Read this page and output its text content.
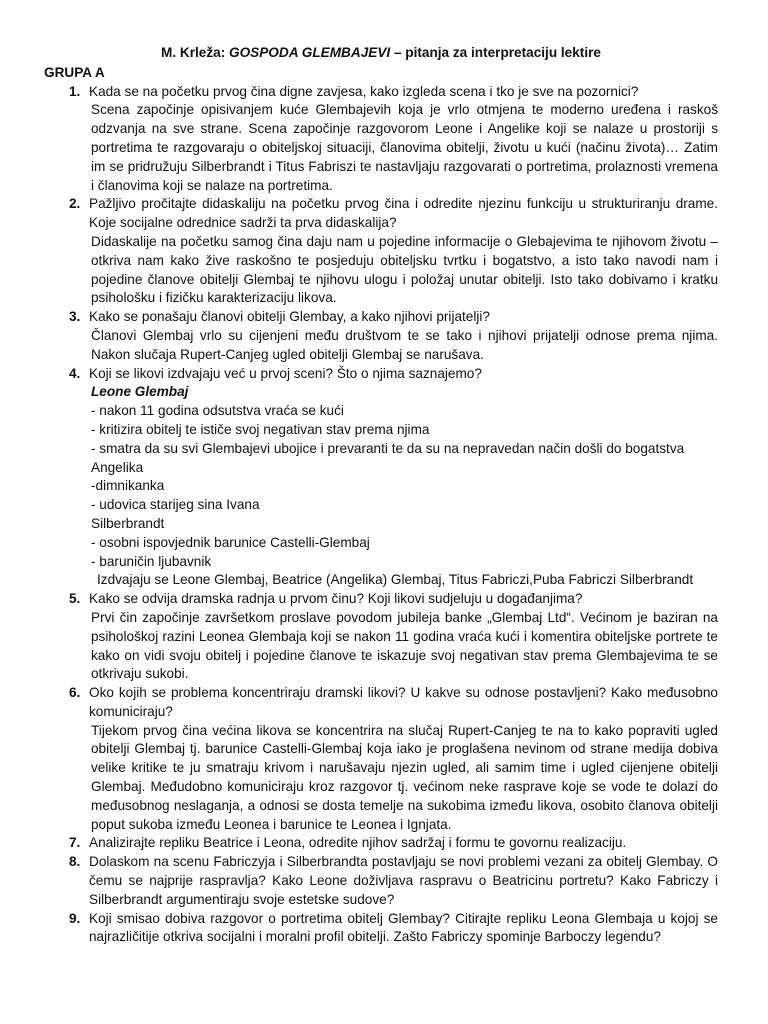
M. Krleža: GOSPODA GLEMBAJEVI – pitanja za interpretaciju lektire
GRUPA A
1. Kada se na početku prvog čina digne zavjesa, kako izgleda scena i tko je sve na pozornici?
Scena započinje opisivanjem kuće Glembajevih koja je vrlo otmjena te moderno uređena i raskoš odzvanja na sve strane. Scena započinje razgovorom Leone i Angelike koji se nalaze u prostoriji s portretima te razgovaraju o obiteljskoj situaciji, članovima obitelji, životu u kući (načinu života)… Zatim im se pridružuju Silberbrandt i Titus Fabriszi te nastavljaju razgovarati o portretima, prolaznosti vremena i članovima koji se nalaze na portretima.
2. Pažljivo pročitajte didaskaliju na početku prvog čina i odredite njezinu funkciju u strukturiranju drame. Koje socijalne odrednice sadrži ta prva didaskalija?
Didaskalije na početku samog čina daju nam u pojedine informacije o Glebajevima te njihovom životu – otkriva nam kako žive raskošno te posjeduju obiteljsku tvrtku i bogatstvo, a isto tako navodi nam i pojedine članove obitelji Glembaj te njihovu ulogu i položaj unutar obitelji. Isto tako dobivamo i kratku psihološku i fizičku karakterizaciju likova.
3. Kako se ponašaju članovi obitelji Glembay, a kako njihovi prijatelji?
Članovi Glembaj vrlo su cijenjeni među društvom te se tako i njihovi prijatelji odnose prema njima. Nakon slučaja Rupert-Canjeg ugled obitelji Glembaj se narušava.
4. Koji se likovi izdvajaju već u prvoj sceni? Što o njima saznajemo?
Leone Glembaj
- nakon 11 godina odsutstva vraća se kući
- kritizira obitelj te ističe svoj negativan stav prema njima
- smatra da su svi Glembajevi ubojice i prevaranti te da su na nepravedan način došli do bogatstva
Angelika
-dimnikanka
- udovica starijeg sina Ivana
Silberbrandt
- osobni ispovjednik barunice Castelli-Glembaj
- baruničin ljubavnik
Izdvajaju se Leone Glembaj, Beatrice (Angelika) Glembaj, Titus Fabriczi,Puba Fabriczi Silberbrandt
5. Kako se odvija dramska radnja u prvom činu? Koji likovi sudjeluju u događanjima?
Prvi čin započinje završetkom proslave povodom jubileja banke „Glembaj Ltd“. Većinom je baziran na psihološkoj razini Leonea Glembaja koji se nakon 11 godina vraća kući i komentira obiteljske portrete te kako on vidi svoju obitelj i pojedine članove te iskazuje svoj negativan stav prema Glembajevima te se otkrivaju sukobi.
6. Oko kojih se problema koncentriraju dramski likovi? U kakve su odnose postavljeni? Kako međusobno komuniciraju?
Tijekom prvog čina većina likova se koncentrira na slučaj Rupert-Canjeg te na to kako popraviti ugled obitelji Glembaj tj. barunice Castelli-Glembaj koja iako je proglašena nevinom od strane medija dobiva velike kritike te ju smatraju krivom i narušavaju njezin ugled, ali samim time i ugled cijenjene obitelji Glembaj. Međudobno komuniciraju kroz razgovor tj. većinom neke rasprave koje se vode te dolazi do međusobnog neslaganja, a odnosi se dosta temelje na sukobima između likova, osobito članova obitelji poput sukoba između Leonea i barunice te Leonea i Ignjata.
7. Analizirajte repliku Beatrice i Leona, odredite njihov sadržaj i formu te govornu realizaciju.
8. Dolaskom na scenu Fabriczyja i Silberbrandta postavljaju se novi problemi vezani za obitelj Glembay. O čemu se najprije raspravlja? Kako Leone doživljava raspravu o Beatricinu portretu? Kako Fabriczy i Silberbrandt argumentiraju svoje estetske sudove?
9. Koji smisao dobiva razgovor o portretima obitelj Glembay? Citirajte repliku Leona Glembaja u kojoj se najrazličitije otkriva socijalni i moralni profil obitelji. Zašto Fabriczy spominje Barboczy legendu?
